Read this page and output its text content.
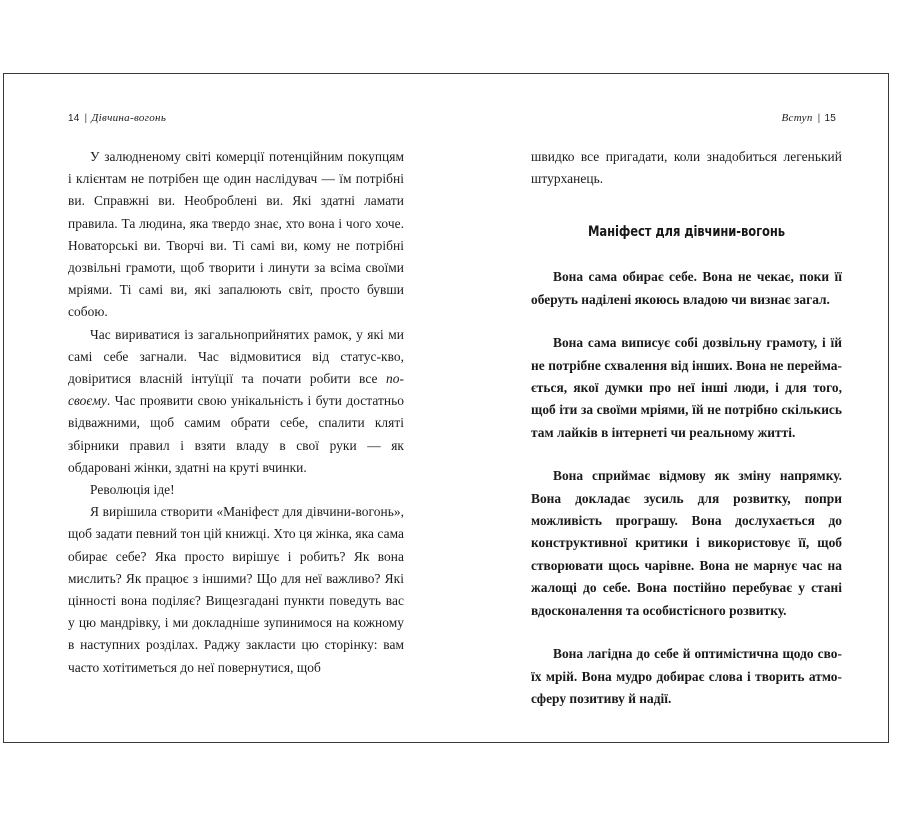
14 | Дівчина-вогонь

У залюдненому світі комерції потенційним покупцям і клієнтам не потрібен ще один наслідувач — їм потрібні ви. Справжні ви. Необроблені ви. Які здатні ламати правила. Та людина, яка твердо знає, хто вона і чого хоче. Новаторські ви. Творчі ви. Ті самі ви, кому не потрібні дозвільні грамоти, щоб творити і линути за всіма своїми мріями. Ті самі ви, які запалюють світ, просто бувши собою.

Час вириватися із загальноприйнятих рамок, у які ми самі себе загнали. Час відмовитися від статус-кво, довіритися власній інтуїції та почати робити все по-своєму. Час проявити свою унікальність і бути достатньо відважними, щоб самим обрати себе, спалити кляті збірники правил і взяти владу в свої руки — як обдаровані жінки, здатні на круті вчинки.

Революція іде!

Я вирішила створити «Маніфест для дівчини-вогонь», щоб задати певний тон цій книжці. Хто ця жінка, яка сама обирає себе? Яка просто вирішує і робить? Як вона мислить? Як працює з іншими? Що для неї важливо? Які цінності вона поділяє? Вищезгадані пункти поведуть вас у цю мандрівку, і ми докладніше зупинимося на кожному в наступних розділах. Раджу закласти цю сторінку: вам часто хотітиметься до неї повернутися, щоб

Вступ | 15

швидко все пригадати, коли знадобиться легенький штурханець.

Маніфест для дівчини-вогонь

Вона сама обирає себе. Вона не чекає, поки її оберуть наділені якоюсь владою чи визнає загал.

Вона сама виписує собі дозвільну грамоту, і їй не потрібне схвалення від інших. Вона не переймається, якої думки про неї інші люди, і для того, щоб іти за своїми мріями, їй не потрібно скількись там лайків в інтернеті чи реальному житті.

Вона сприймає відмову як зміну напрямку. Вона докладає зусиль для розвитку, попри можливість програшу. Вона дослухається до конструктивної критики і використовує її, щоб створювати щось чарівне. Вона не марнує час на жалощі до себе. Вона постійно перебуває у стані вдосконалення та особистісного розвитку.

Вона лагідна до себе й оптимістична щодо своїх мрій. Вона мудро добирає слова і творить атмосферу позитиву й надії.
